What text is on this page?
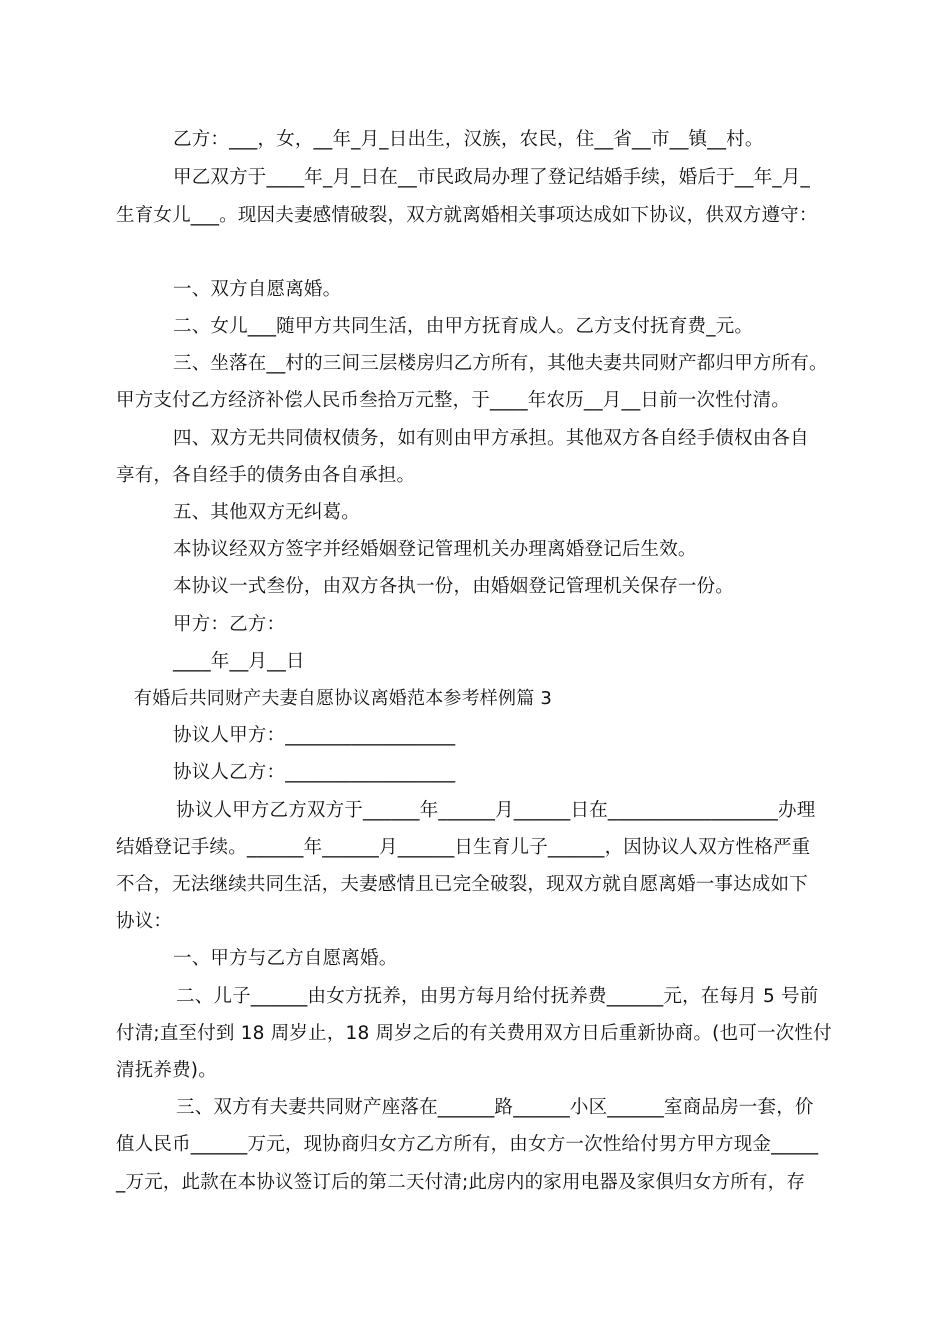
乙方：___，女，__年_月_日出生，汉族，农民，住__省__市__镇__村。
甲乙双方于____年_月_日在__市民政局办理了登记结婚手续，婚后于__年_月_
生育女儿___。现因夫妻感情破裂，双方就离婚相关事项达成如下协议，供双方遵守：
一、双方自愿离婚。
二、女儿___随甲方共同生活，由甲方抚育成人。乙方支付抚育费_元。
三、坐落在__村的三间三层楼房归乙方所有，其他夫妻共同财产都归甲方所有。
甲方支付乙方经济补偿人民币叁拾万元整，于____年农历__月__日前一次性付清。
四、双方无共同债权债务，如有则由甲方承担。其他双方各自经手债权由各自
享有，各自经手的债务由各自承担。
五、其他双方无纠葛。
本协议经双方签字并经婚姻登记管理机关办理离婚登记后生效。
本协议一式叁份，由双方各执一份，由婚姻登记管理机关保存一份。
甲方：乙方：
____年__月__日
有婚后共同财产夫妻自愿协议离婚范本参考样例篇 3
协议人甲方：__________________
协议人乙方：__________________
协议人甲方乙方双方于______年______月______日在__________________办理
结婚登记手续。______年______月______日生育儿子______，因协议人双方性格严重
不合，无法继续共同生活，夫妻感情且已完全破裂，现双方就自愿离婚一事达成如下
协议：
一、甲方与乙方自愿离婚。
二、儿子______由女方抚养，由男方每月给付抚养费______元，在每月 5 号前
付清;直至付到 18 周岁止，18 周岁之后的有关费用双方日后重新协商。(也可一次性付
清抚养费)。
三、双方有夫妻共同财产座落在______路______小区______室商品房一套，价
值人民币______万元，现协商归女方乙方所有，由女方一次性给付男方甲方现金_____
_万元，此款在本协议签订后的第二天付清;此房内的家用电器及家俱归女方所有，存
